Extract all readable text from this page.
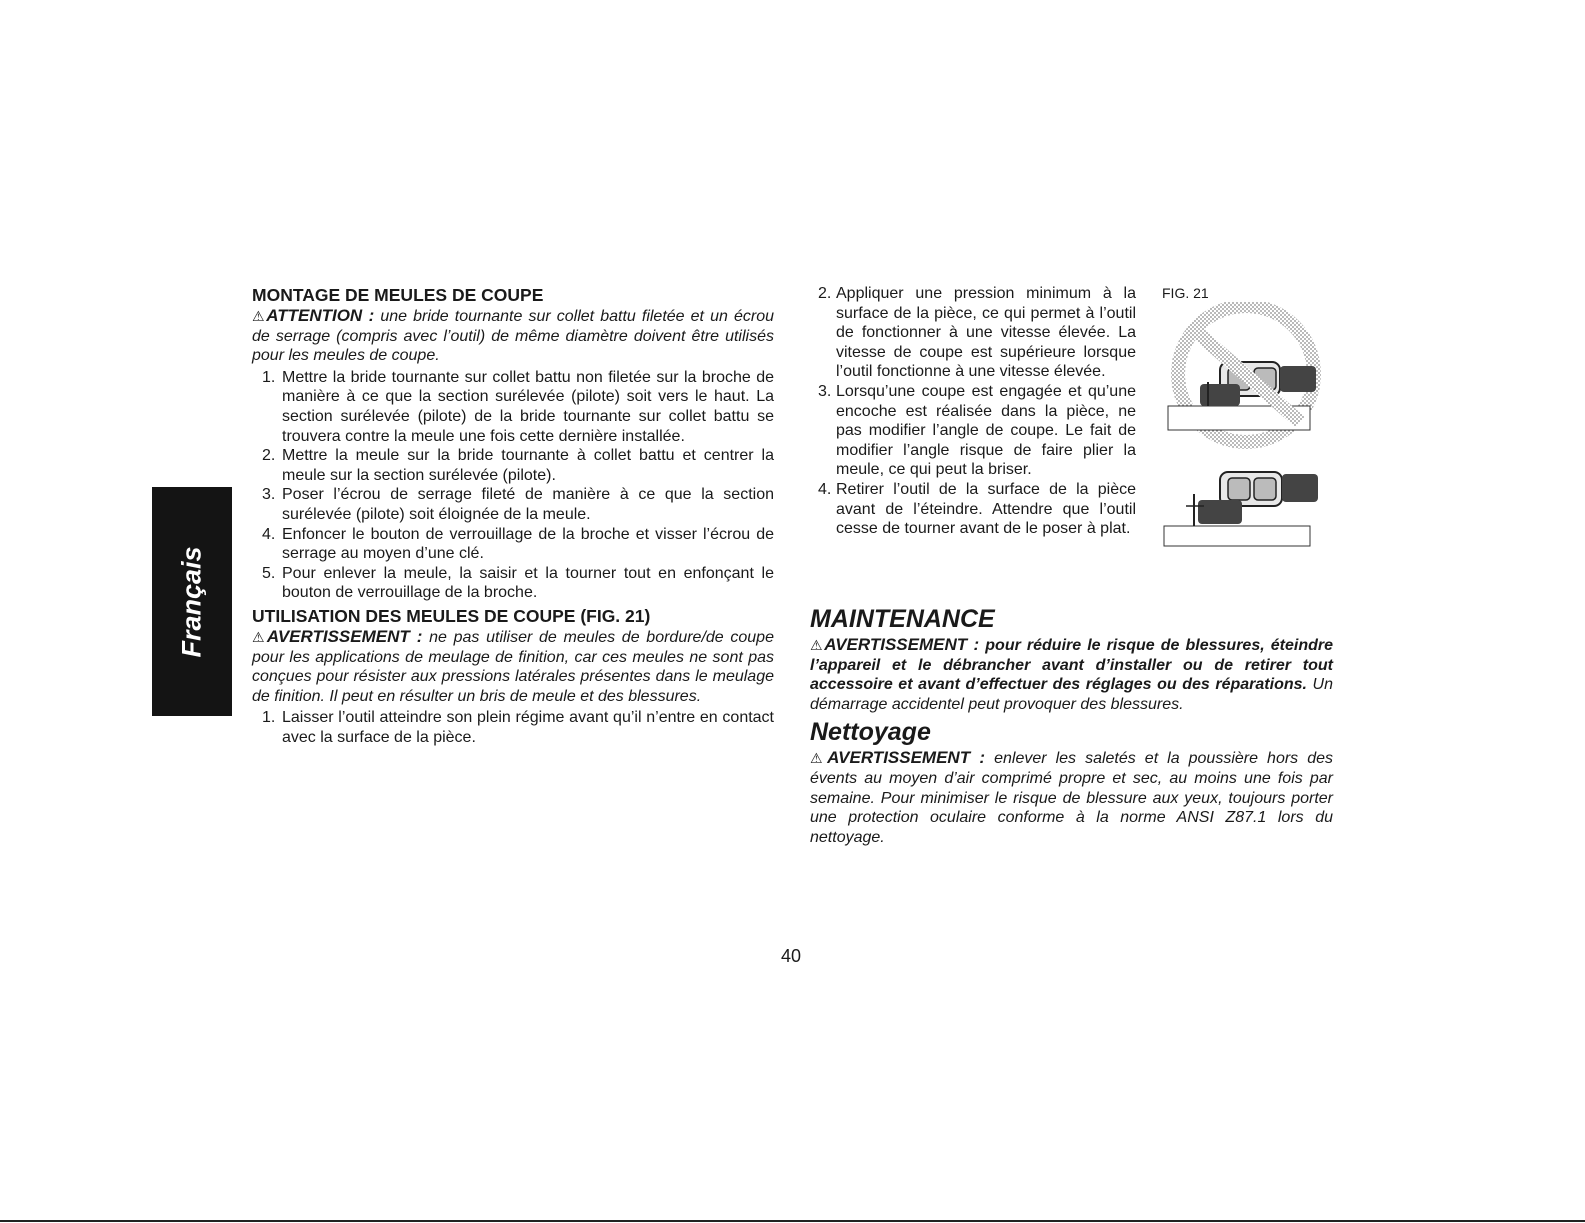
Français
MONTAGE DE MEULES DE COUPE

⚠ATTENTION : une bride tournante sur collet battu filetée et un écrou de serrage (compris avec l’outil) de même diamètre doivent être utilisés pour les meules de coupe.

1. Mettre la bride tournante sur collet battu non filetée sur la broche de manière à ce que la section surélevée (pilote) soit vers le haut. La section surélevée (pilote) de la bride tournante sur collet battu se trouvera contre la meule une fois cette dernière installée.
2. Mettre la meule sur la bride tournante à collet battu et centrer la meule sur la section surélevée (pilote).
3. Poser l’écrou de serrage fileté de manière à ce que la section surélevée (pilote) soit éloignée de la meule.
4. Enfoncer le bouton de verrouillage de la broche et visser l’écrou de serrage au moyen d’une clé.
5. Pour enlever la meule, la saisir et la tourner tout en enfonçant le bouton de verrouillage de la broche.
UTILISATION DES MEULES DE COUPE (FIG. 21)

⚠AVERTISSEMENT : ne pas utiliser de meules de bordure/de coupe pour les applications de meulage de finition, car ces meules ne sont pas conçues pour résister aux pressions latérales présentes dans le meulage de finition. Il peut en résulter un bris de meule et des blessures.

1. Laisser l’outil atteindre son plein régime avant qu’il n’entre en contact avec la surface de la pièce.
2. Appliquer une pression minimum à la surface de la pièce, ce qui permet à l’outil de fonctionner à une vitesse élevée. La vitesse de coupe est supérieure lorsque l’outil fonctionne à une vitesse élevée.
3. Lorsqu’une coupe est engagée et qu’une encoche est réalisée dans la pièce, ne pas modifier l’angle de coupe. Le fait de modifier l’angle risque de faire plier la meule, ce qui peut la briser.
4. Retirer l’outil de la surface de la pièce avant de l’éteindre. Attendre que l’outil cesse de tourner avant de le poser à plat.
FIG. 21
MAINTENANCE

⚠AVERTISSEMENT : pour réduire le risque de blessures, éteindre l’appareil et le débrancher avant d’installer ou de retirer tout accessoire et avant d’effectuer des réglages ou des réparations. Un démarrage accidentel peut provoquer des blessures.

Nettoyage

⚠AVERTISSEMENT : enlever les saletés et la poussière hors des évents au moyen d’air comprimé propre et sec, au moins une fois par semaine. Pour minimiser le risque de blessure aux yeux, toujours porter une protection oculaire conforme à la norme ANSI Z87.1 lors du nettoyage.

40
